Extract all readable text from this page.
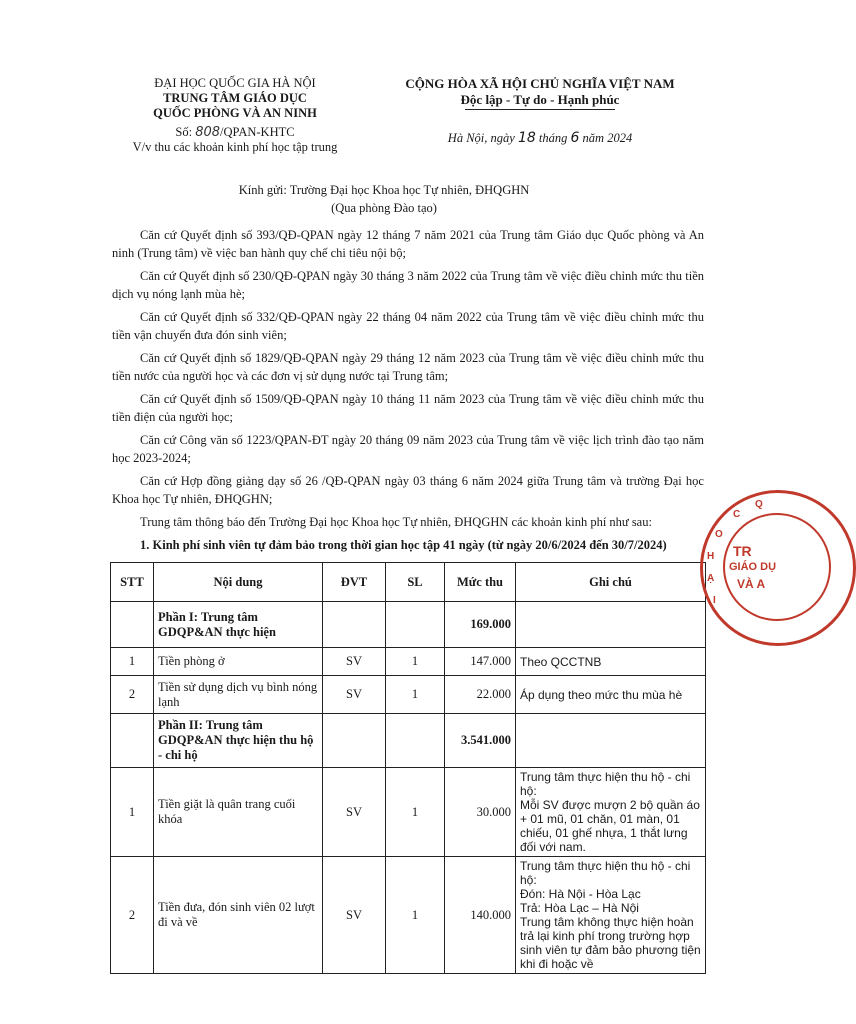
ĐẠI HỌC QUỐC GIA HÀ NỘI
TRUNG TÂM GIÁO DỤC
QUỐC PHÒNG VÀ AN NINH
Số: 808/QPAN-KHTC
V/v thu các khoản kinh phí học tập trung
CỘNG HÒA XÃ HỘI CHỦ NGHĨA VIỆT NAM
Độc lập - Tự do - Hạnh phúc
Hà Nội, ngày 18 tháng 6 năm 2024
Kính gửi: Trường Đại học Khoa học Tự nhiên, ĐHQGHN
(Qua phòng Đào tạo)

Căn cứ Quyết định số 393/QĐ-QPAN ngày 12 tháng 7 năm 2021 của Trung tâm Giáo dục Quốc phòng và An ninh (Trung tâm) về việc ban hành quy chế chi tiêu nội bộ;

Căn cứ Quyết định số 230/QĐ-QPAN ngày 30 tháng 3 năm 2022 của Trung tâm về việc điều chỉnh mức thu tiền dịch vụ nóng lạnh mùa hè;

Căn cứ Quyết định số 332/QĐ-QPAN ngày 22 tháng 04 năm 2022 của Trung tâm về việc điều chỉnh mức thu tiền vận chuyển đưa đón sinh viên;

Căn cứ Quyết định số 1829/QĐ-QPAN ngày 29 tháng 12 năm 2023 của Trung tâm về việc điều chỉnh mức thu tiền nước của người học và các đơn vị sử dụng nước tại Trung tâm;

Căn cứ Quyết định số 1509/QĐ-QPAN ngày 10 tháng 11 năm 2023 của Trung tâm về việc điều chỉnh mức thu tiền điện của người học;

Căn cứ Công văn số 1223/QPAN-ĐT ngày 20 tháng 09 năm 2023 của Trung tâm về việc lịch trình đào tạo năm học 2023-2024;

Căn cứ Hợp đồng giảng dạy số 26 /QĐ-QPAN ngày 03 tháng 6 năm 2024 giữa Trung tâm và trường Đại học Khoa học Tự nhiên, ĐHQGHN;

Trung tâm thông báo đến Trường Đại học Khoa học Tự nhiên, ĐHQGHN các khoản kinh phí như sau:

1. Kinh phí sinh viên tự đảm bảo trong thời gian học tập 41 ngày (từ ngày 20/6/2024 đến 30/7/2024)

STT	Nội dung	ĐVT	SL	Mức thu	Ghi chú
	Phần I: Trung tâm GDQP&AN thực hiện			169.000	
1	Tiền phòng ở	SV	1	147.000	Theo QCCTNB

2	Tiền sử dụng dịch vụ bình nóng lạnh	SV	1	22.000	Áp dụng theo mức thu mùa hè

	Phần II: Trung tâm GDQP&AN thực hiện thu hộ - chi hộ			3.541.000	
1	Tiền giặt là quân trang cuối khóa	SV	1	30.000	Trung tâm thực hiện thu hộ - chi hộ:
Mỗi SV được mượn 2 bộ quần áo + 01 mũ, 01 chăn, 01 màn, 01 chiếu, 01 ghế nhựa, 1 thắt lưng đối với nam.

2	Tiền đưa, đón sinh viên 02 lượt đi và về	SV	1	140.000	Trung tâm thực hiện thu hộ - chi hộ:
Đón: Hà Nội - Hòa Lạc
Trả: Hòa Lạc – Hà Nội
Trung tâm không thực hiện hoàn trả lại kinh phí trong trường hợp sinh viên tự đảm bảo phương tiện khi đi hoặc về
TR
GIÁO DỤ
VÀ A
Q
C
O
H
Ạ
I
